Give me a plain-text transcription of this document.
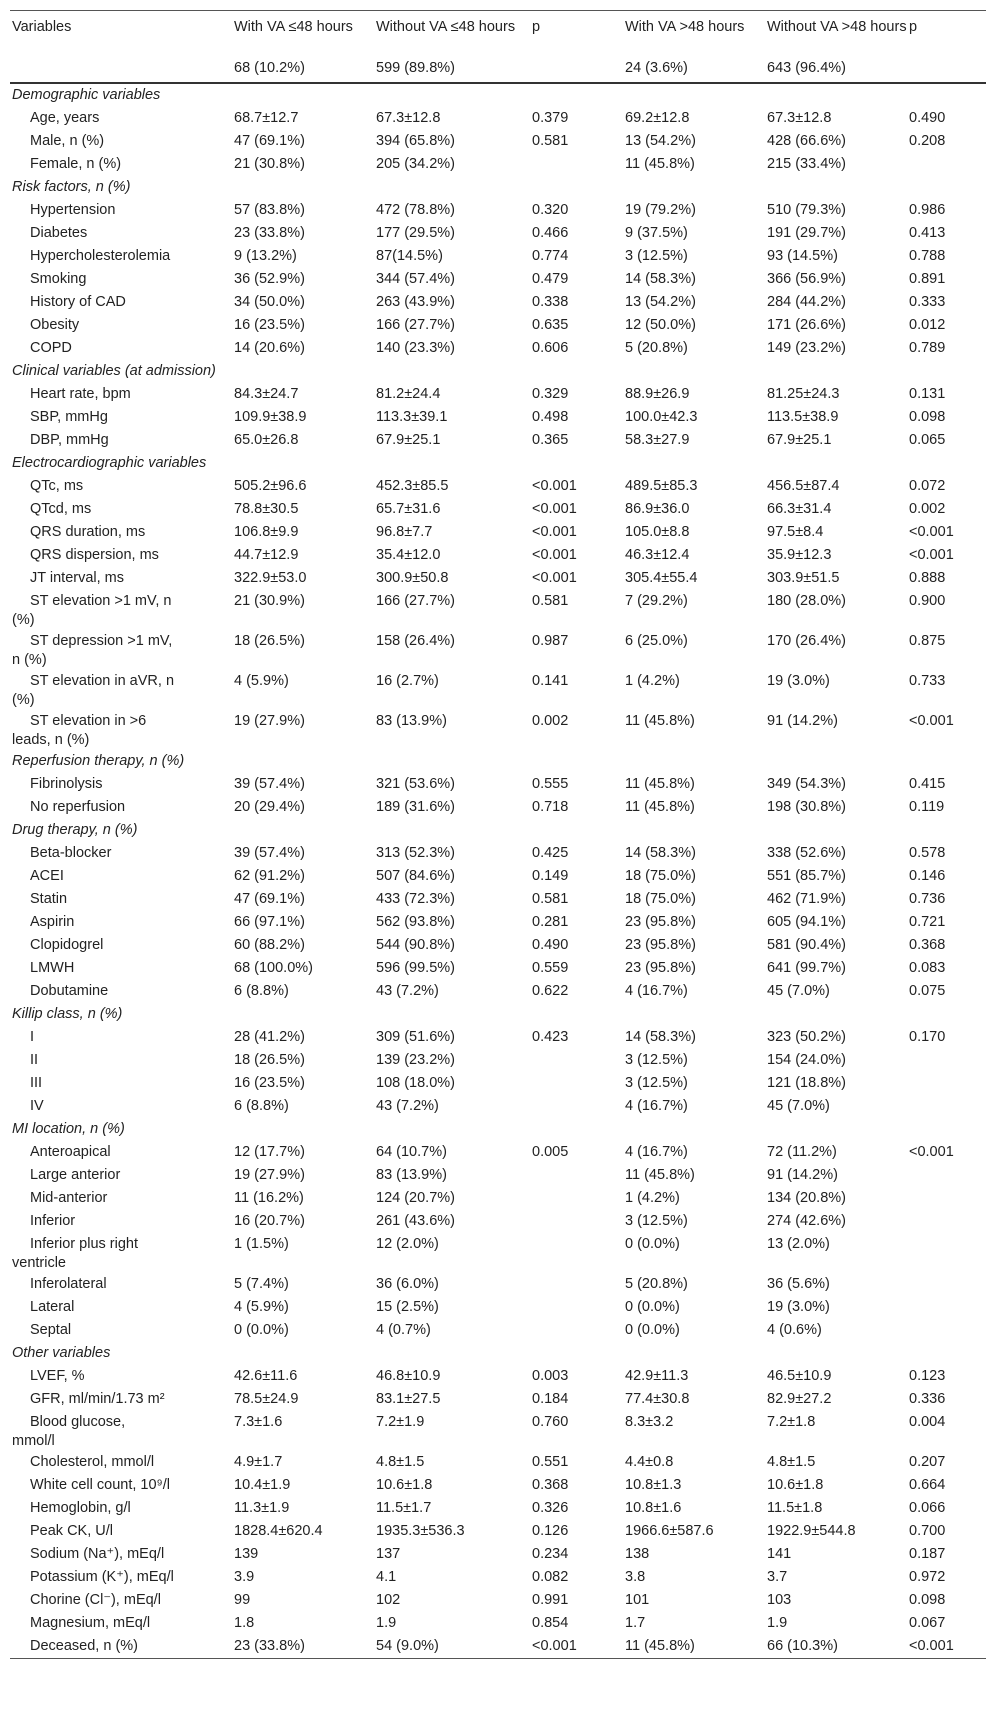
Variables	With VA ≤48 hours	Without VA ≤48 hours	p	With VA >48 hours	Without VA >48 hours	p
	68 (10.2%)	599 (89.8%)		24 (3.6%)	643 (96.4%)	
Demographic variables						
Age, years	68.7±12.7	67.3±12.8	0.379	69.2±12.8	67.3±12.8	0.490
Male, n (%)	47 (69.1%)	394 (65.8%)	0.581	13 (54.2%)	428 (66.6%)	0.208
Female, n (%)	21 (30.8%)	205 (34.2%)		11 (45.8%)	215 (33.4%)	
Risk factors, n (%)						
Hypertension	57 (83.8%)	472 (78.8%)	0.320	19 (79.2%)	510 (79.3%)	0.986
Diabetes	23 (33.8%)	177 (29.5%)	0.466	9 (37.5%)	191 (29.7%)	0.413
Hypercholesterolemia	9 (13.2%)	87(14.5%)	0.774	3 (12.5%)	93 (14.5%)	0.788
Smoking	36 (52.9%)	344 (57.4%)	0.479	14 (58.3%)	366 (56.9%)	0.891
History of CAD	34 (50.0%)	263 (43.9%)	0.338	13 (54.2%)	284 (44.2%)	0.333
Obesity	16 (23.5%)	166 (27.7%)	0.635	12 (50.0%)	171 (26.6%)	0.012
COPD	14 (20.6%)	140 (23.3%)	0.606	5 (20.8%)	149 (23.2%)	0.789
Clinical variables (at admission)						
Heart rate, bpm	84.3±24.7	81.2±24.4	0.329	88.9±26.9	81.25±24.3	0.131
SBP, mmHg	109.9±38.9	113.3±39.1	0.498	100.0±42.3	113.5±38.9	0.098
DBP, mmHg	65.0±26.8	67.9±25.1	0.365	58.3±27.9	67.9±25.1	0.065
Electrocardiographic variables						
QTc, ms	505.2±96.6	452.3±85.5	<0.001	489.5±85.3	456.5±87.4	0.072
QTcd, ms	78.8±30.5	65.7±31.6	<0.001	86.9±36.0	66.3±31.4	0.002
QRS duration, ms	106.8±9.9	96.8±7.7	<0.001	105.0±8.8	97.5±8.4	<0.001
QRS dispersion, ms	44.7±12.9	35.4±12.0	<0.001	46.3±12.4	35.9±12.3	<0.001
JT interval, ms	322.9±53.0	300.9±50.8	<0.001	305.4±55.4	303.9±51.5	0.888
ST elevation >1 mV, n
(%)	21 (30.9%)	166 (27.7%)	0.581	7 (29.2%)	180 (28.0%)	0.900
ST depression >1 mV,
n (%)	18 (26.5%)	158 (26.4%)	0.987	6 (25.0%)	170 (26.4%)	0.875
ST elevation in aVR, n
(%)	4 (5.9%)	16 (2.7%)	0.141	1 (4.2%)	19 (3.0%)	0.733
ST elevation in >6
leads, n (%)	19 (27.9%)	83 (13.9%)	0.002	11 (45.8%)	91 (14.2%)	<0.001
Reperfusion therapy, n (%)						
Fibrinolysis	39 (57.4%)	321 (53.6%)	0.555	11 (45.8%)	349 (54.3%)	0.415
No reperfusion	20 (29.4%)	189 (31.6%)	0.718	11 (45.8%)	198 (30.8%)	0.119
Drug therapy, n (%)						
Beta-blocker	39 (57.4%)	313 (52.3%)	0.425	14 (58.3%)	338 (52.6%)	0.578
ACEI	62 (91.2%)	507 (84.6%)	0.149	18 (75.0%)	551 (85.7%)	0.146
Statin	47 (69.1%)	433 (72.3%)	0.581	18 (75.0%)	462 (71.9%)	0.736
Aspirin	66 (97.1%)	562 (93.8%)	0.281	23 (95.8%)	605 (94.1%)	0.721
Clopidogrel	60 (88.2%)	544 (90.8%)	0.490	23 (95.8%)	581 (90.4%)	0.368
LMWH	68 (100.0%)	596 (99.5%)	0.559	23 (95.8%)	641 (99.7%)	0.083
Dobutamine	6 (8.8%)	43 (7.2%)	0.622	4 (16.7%)	45 (7.0%)	0.075
Killip class, n (%)						
I	28 (41.2%)	309 (51.6%)	0.423	14 (58.3%)	323 (50.2%)	0.170
II	18 (26.5%)	139 (23.2%)		3 (12.5%)	154 (24.0%)	
III	16 (23.5%)	108 (18.0%)		3 (12.5%)	121 (18.8%)	
IV	6 (8.8%)	43 (7.2%)		4 (16.7%)	45 (7.0%)	
MI location, n (%)						
Anteroapical	12 (17.7%)	64 (10.7%)	0.005	4 (16.7%)	72 (11.2%)	<0.001
Large anterior	19 (27.9%)	83 (13.9%)		11 (45.8%)	91 (14.2%)	
Mid-anterior	11 (16.2%)	124 (20.7%)		1 (4.2%)	134 (20.8%)	
Inferior	16 (20.7%)	261 (43.6%)		3 (12.5%)	274 (42.6%)	
Inferior plus right
ventricle	1 (1.5%)	12 (2.0%)		0 (0.0%)	13 (2.0%)	
Inferolateral	5 (7.4%)	36 (6.0%)		5 (20.8%)	36 (5.6%)	
Lateral	4 (5.9%)	15 (2.5%)		0 (0.0%)	19 (3.0%)	
Septal	0 (0.0%)	4 (0.7%)		0 (0.0%)	4 (0.6%)	
Other variables						
LVEF, %	42.6±11.6	46.8±10.9	0.003	42.9±11.3	46.5±10.9	0.123
GFR, ml/min/1.73 m²	78.5±24.9	83.1±27.5	0.184	77.4±30.8	82.9±27.2	0.336
Blood glucose,
mmol/l	7.3±1.6	7.2±1.9	0.760	8.3±3.2	7.2±1.8	0.004
Cholesterol, mmol/l	4.9±1.7	4.8±1.5	0.551	4.4±0.8	4.8±1.5	0.207
White cell count, 10⁹/l	10.4±1.9	10.6±1.8	0.368	10.8±1.3	10.6±1.8	0.664
Hemoglobin, g/l	11.3±1.9	11.5±1.7	0.326	10.8±1.6	11.5±1.8	0.066
Peak CK, U/l	1828.4±620.4	1935.3±536.3	0.126	1966.6±587.6	1922.9±544.8	0.700
Sodium (Na⁺), mEq/l	139	137	0.234	138	141	0.187
Potassium (K⁺), mEq/l	3.9	4.1	0.082	3.8	3.7	0.972
Chorine (Cl⁻), mEq/l	99	102	0.991	101	103	0.098
Magnesium, mEq/l	1.8	1.9	0.854	1.7	1.9	0.067
Deceased, n (%)	23 (33.8%)	54 (9.0%)	<0.001	11 (45.8%)	66 (10.3%)	<0.001
